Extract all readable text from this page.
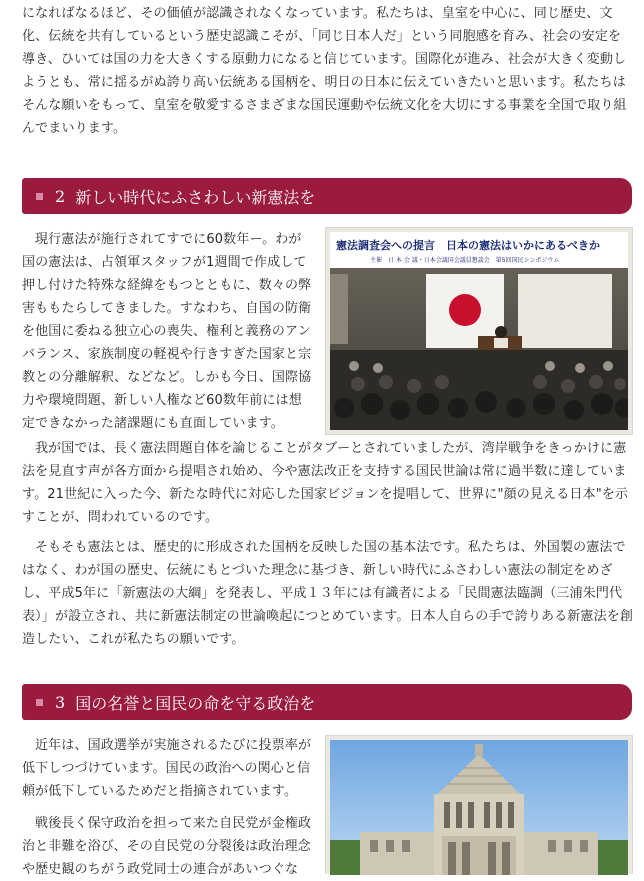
になればなるほど、その価値が認識されなくなっています。私たちは、皇室を中心に、同じ歴史、文化、伝統を共有しているという歴史認識こそが、「同じ日本人だ」という同胞感を育み、社会の安定を導き、ひいては国の力を大きくする原動力になると信じています。国際化が進み、社会が大きく変動しようとも、常に揺るがぬ誇り高い伝統ある国柄を、明日の日本に伝えていきたいと思います。私たちはそんな願いをもって、皇室を敬愛するさまざまな国民運動や伝統文化を大切にする事業を全国で取り組んでまいります。

2 新しい時代にふさわしい新憲法を

現行憲法が施行されてすでに60数年ー。わが国の憲法は、占領軍スタッフが1週間で作成して押し付けた特殊な経緯をもつとともに、数々の弊害ももたらしてきました。すなわち、自国の防衛を他国に委ねる独立心の喪失、権利と義務のアンバランス、家族制度の軽視や行きすぎた国家と宗教との分離解釈、などなど。しかも今日、国際協力や環境問題、新しい人権など60数年前には想定できなかった諸課題にも直面しています。

憲法調査会への提言　日本の憲法はいかにあるべきか
主催　日 本 会 議・日本会議国会議員懇談会　第5回国民シンポジウム

我が国では、長く憲法問題自体を論じることがタブーとされていましたが、湾岸戦争をきっかけに憲法を見直す声が各方面から提唱され始め、今や憲法改正を支持する国民世論は常に過半数に達しています。21世紀に入った今、新たな時代に対応した国家ビジョンを提唱して、世界に"顔の見える日本"を示すことが、問われているのです。

そもそも憲法とは、歴史的に形成された国柄を反映した国の基本法です。私たちは、外国製の憲法ではなく、わが国の歴史、伝統にもとづいた理念に基づき、新しい時代にふさわしい憲法の制定をめざし、平成5年に「新憲法の大綱」を発表し、平成１３年には有識者による「民間憲法臨調（三浦朱門代表）」が設立され、共に新憲法制定の世論喚起につとめています。日本人自らの手で誇りある新憲法を創造したい、これが私たちの願いです。

3 国の名誉と国民の命を守る政治を

近年は、国政選挙が実施されるたびに投票率が低下しつづけています。国民の政治への関心と信頼が低下しているためだと指摘されています。

戦後長く保守政治を担って来た自民党が金権政治と非難を浴び、その自民党の分裂後は政治理念や歴史観のちがう政党同士の連合があいつぐな
